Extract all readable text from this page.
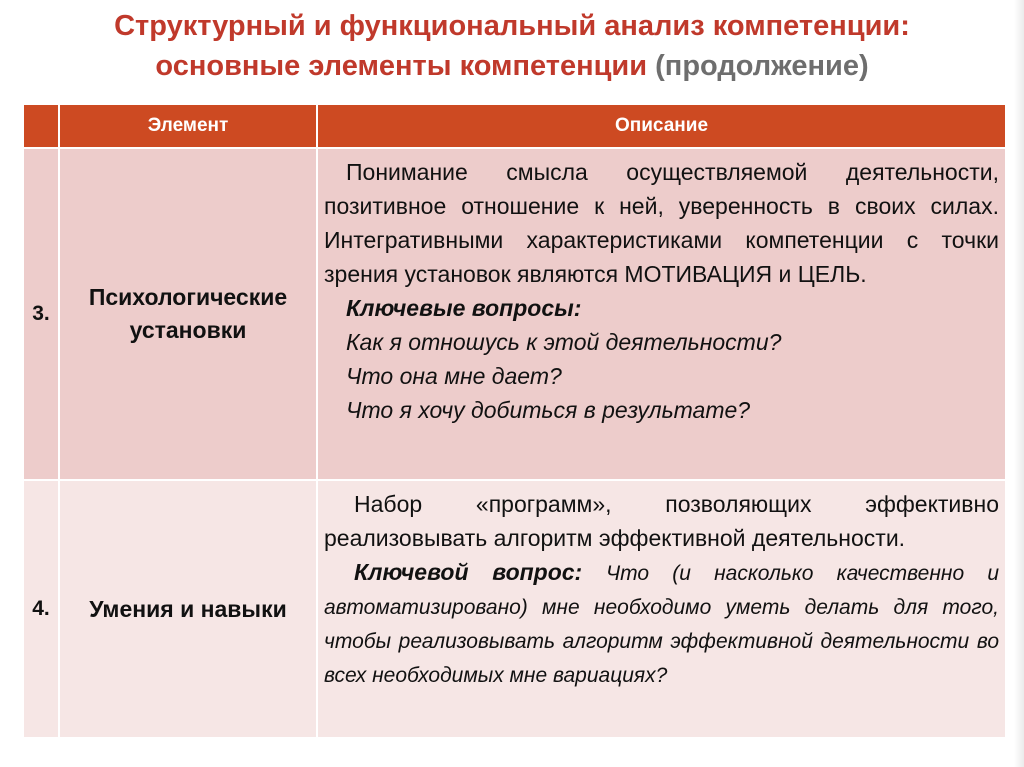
Структурный и функциональный анализ компетенции:
основные элементы компетенции (продолжение)
	Элемент	Описание
3.	Психологические установки	Понимание смысла осуществляемой деятельности, позитивное отношение к ней, уверенность в своих силах. Интегративными характеристиками компетенции с точки зрения установок являются МОТИВАЦИЯ и ЦЕЛЬ.

Ключевые вопросы:

Как я отношусь к этой деятельности?

Что она мне дает?

Что я хочу добиться в результате?

4.	Умения и навыки	Набор «программ», позволяющих эффективно реализовывать алгоритм эффективной деятельности.

Ключевой вопрос: Что (и насколько качественно и автоматизировано) мне необходимо уметь делать для того, чтобы реализовывать алгоритм эффективной деятельности во всех необходимых мне вариациях?
